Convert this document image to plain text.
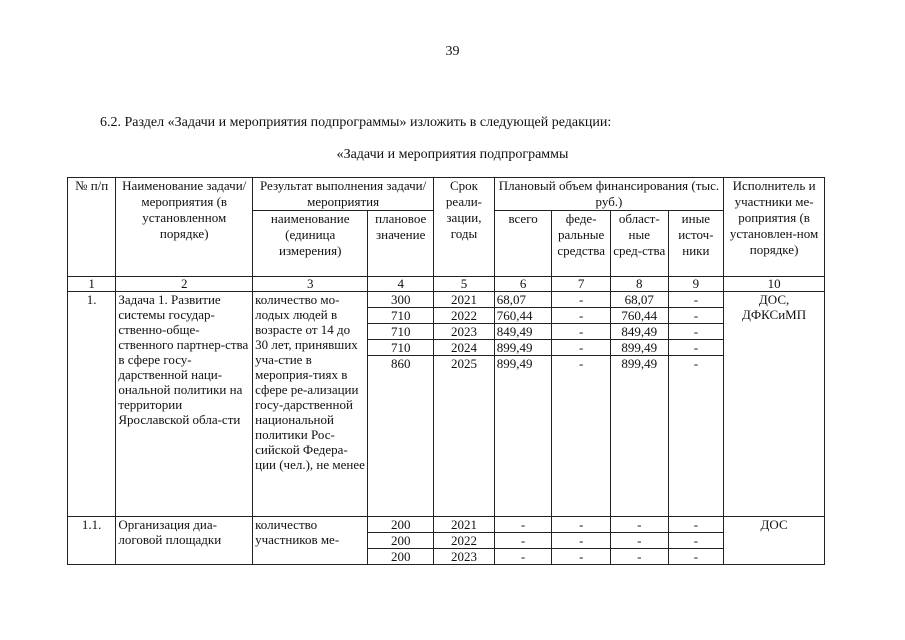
39
6.2. Раздел «Задачи и мероприятия подпрограммы» изложить в следующей редакции:
«Задачи и мероприятия подпрограммы
№ п/п	Наименование задачи/мероприятия (в установленном порядке)	Результат выполнения задачи/мероприятия		Срок реали-зации, годы	Плановый объем финансирования (тыс. руб.)				Исполнитель и участники ме-роприятия (в установлен-ном порядке)
		наименование (единица измерения)	плановое значение		всего	феде-ральные средства	област-ные сред-ства	иные источ-ники	
1	2	3	4	5	6	7	8	9	10
1.	Задача 1. Развитие системы государ-ственно-обще-ственного партнер-ства в сфере госу-дарственной наци-ональной политики на территории Ярославской обла-сти	количество мо-лодых людей в возрасте от 14 до 30 лет, принявших уча-стие в мероприя-тиях в сфере ре-ализации госу-дарственной национальной политики Рос-сийской Федера-ции (чел.), не менее	300	2021	68,07	-	68,07	-	ДОС, ДФКСиМП
			710	2022	760,44	-	760,44	-	
			710	2023	849,49	-	849,49	-	
			710	2024	899,49	-	899,49	-	
			860	2025	899,49	-	899,49	-	
1.1.	Организация диа-логовой площадки	количество участников ме-	200	2021	-	-	-	-	ДОС
			200	2022	-	-	-	-	
			200	2023	-	-	-	-	
